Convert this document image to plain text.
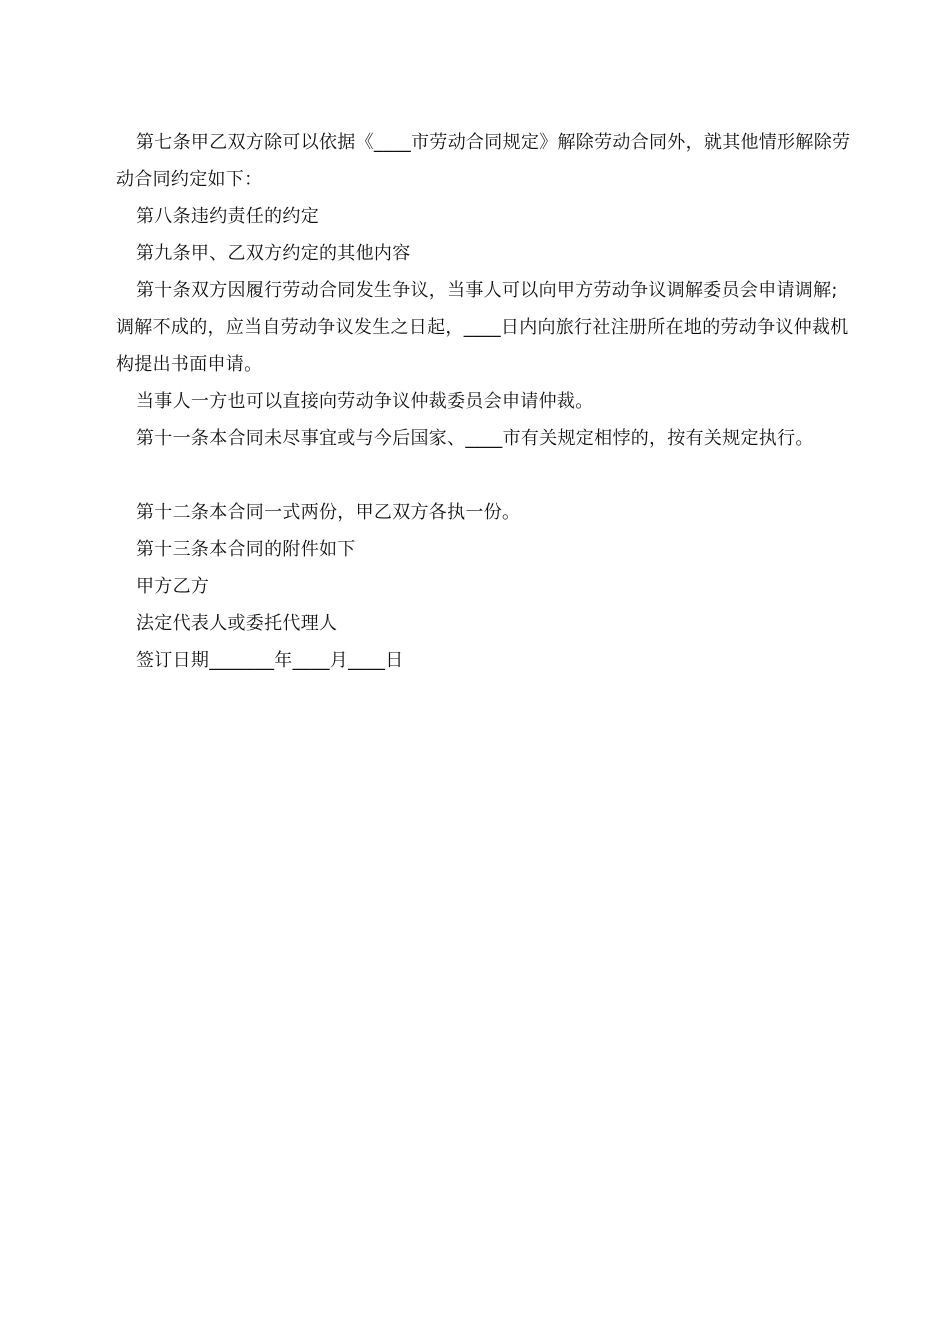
第七条甲乙双方除可以依据《____市劳动合同规定》解除劳动合同外，就其他情形解除劳动合同约定如下：

第八条违约责任的约定

第九条甲、乙双方约定的其他内容

第十条双方因履行劳动合同发生争议，当事人可以向甲方劳动争议调解委员会申请调解;调解不成的，应当自劳动争议发生之日起，____日内向旅行社注册所在地的劳动争议仲裁机构提出书面申请。

当事人一方也可以直接向劳动争议仲裁委员会申请仲裁。

第十一条本合同未尽事宜或与今后国家、____市有关规定相悖的，按有关规定执行。

第十二条本合同一式两份，甲乙双方各执一份。

第十三条本合同的附件如下

甲方乙方

法定代表人或委托代理人

签订日期_______年____月____日
